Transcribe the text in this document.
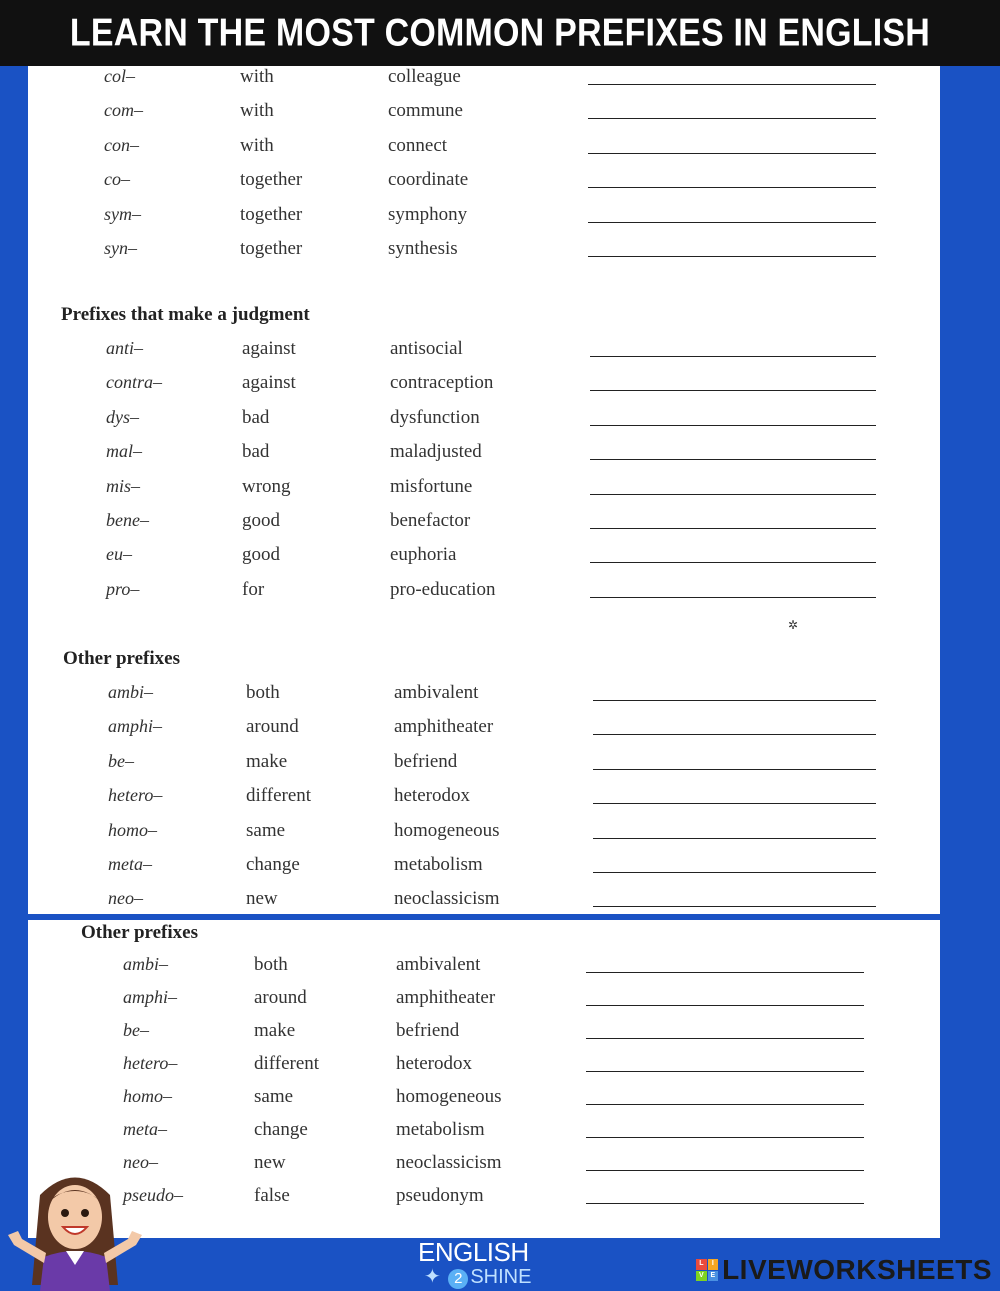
LEARN THE MOST COMMON PREFIXES IN ENGLISH
col–	with	colleague
com–	with	commune
con–	with	connect
co–	together	coordinate
sym–	together	symphony
syn–	together	synthesis
Prefixes that make a judgment
anti–	against	antisocial
contra–	against	contraception
dys–	bad	dysfunction
mal–	bad	maladjusted
mis–	wrong	misfortune
bene–	good	benefactor
eu–	good	euphoria
pro–	for	pro-education
Other prefixes
ambi–	both	ambivalent
amphi–	around	amphitheater
be–	make	befriend
hetero–	different	heterodox
homo–	same	homogeneous
meta–	change	metabolism
neo–	new	neoclassicism
Other prefixes
ambi–	both	ambivalent
amphi–	around	amphitheater
be–	make	befriend
hetero–	different	heterodox
homo–	same	homogeneous
meta–	change	metabolism
neo–	new	neoclassicism
pseudo–	false	pseudonym
✲
ENGLISH
✦ 2 SHINE
L	I
V E LIVEWORKSHEETS
